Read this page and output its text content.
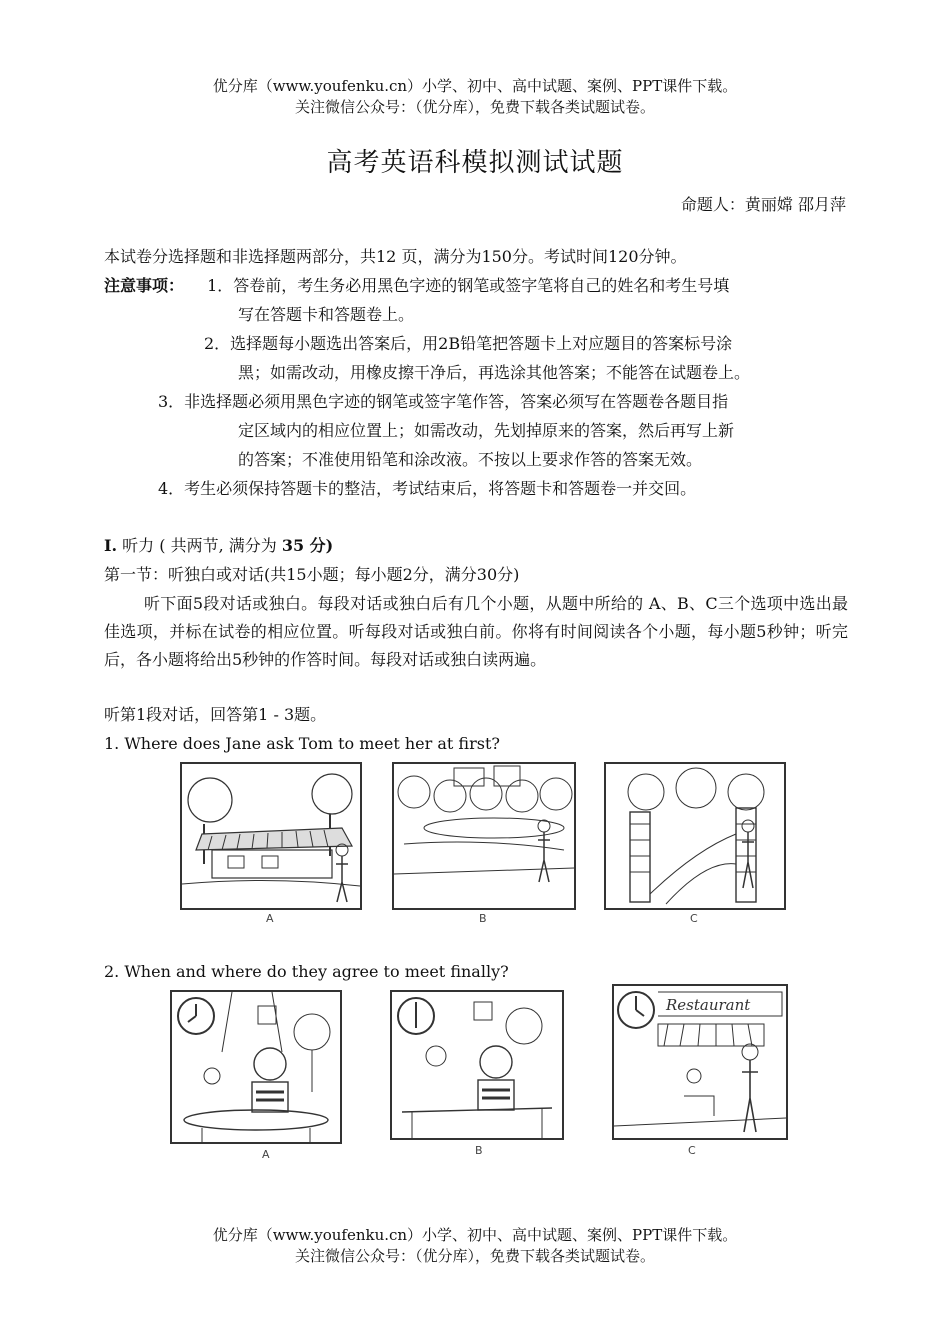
优分库（www.youfenku.cn）小学、初中、高中试题、案例、PPT课件下载。
关注微信公众号：（优分库），免费下载各类试题试卷。
高考英语科模拟测试试题
命题人：黄丽嫦 邵月萍
本试卷分选择题和非选择题两部分，共12 页，满分为150分。考试时间120分钟。
注意事项： 1．答卷前，考生务必用黑色字迹的钢笔或签字笔将自己的姓名和考生号填
写在答题卡和答题卷上。
2．选择题每小题选出答案后，用2B铅笔把答题卡上对应题目的答案标号涂
黑；如需改动，用橡皮擦干净后，再选涂其他答案；不能答在试题卷上。
3．非选择题必须用黑色字迹的钢笔或签字笔作答，答案必须写在答题卷各题目指
定区域内的相应位置上；如需改动，先划掉原来的答案，然后再写上新
的答案；不准使用铅笔和涂改液。不按以上要求作答的答案无效。
4．考生必须保持答题卡的整洁，考试结束后，将答题卡和答题卷一并交回。
I. 听力 ( 共两节, 满分为 35 分)
第一节：听独白或对话(共15小题；每小题2分，满分30分)
听下面5段对话或独白。每段对话或独白后有几个小题，从题中所给的 A、B、C三个选项中选出最佳选项，并标在试卷的相应位置。听每段对话或独白前。你将有时间阅读各个小题，每小题5秒钟；听完后，各小题将给出5秒钟的作答时间。每段对话或独白读两遍。
听第1段对话，回答第1 - 3题。
1. Where does Jane ask Tom to meet her at first?
A	B	C
2. When and where do they agree to meet finally?
A	B
Restaurant
C
优分库（www.youfenku.cn）小学、初中、高中试题、案例、PPT课件下载。
关注微信公众号：（优分库），免费下载各类试题试卷。
